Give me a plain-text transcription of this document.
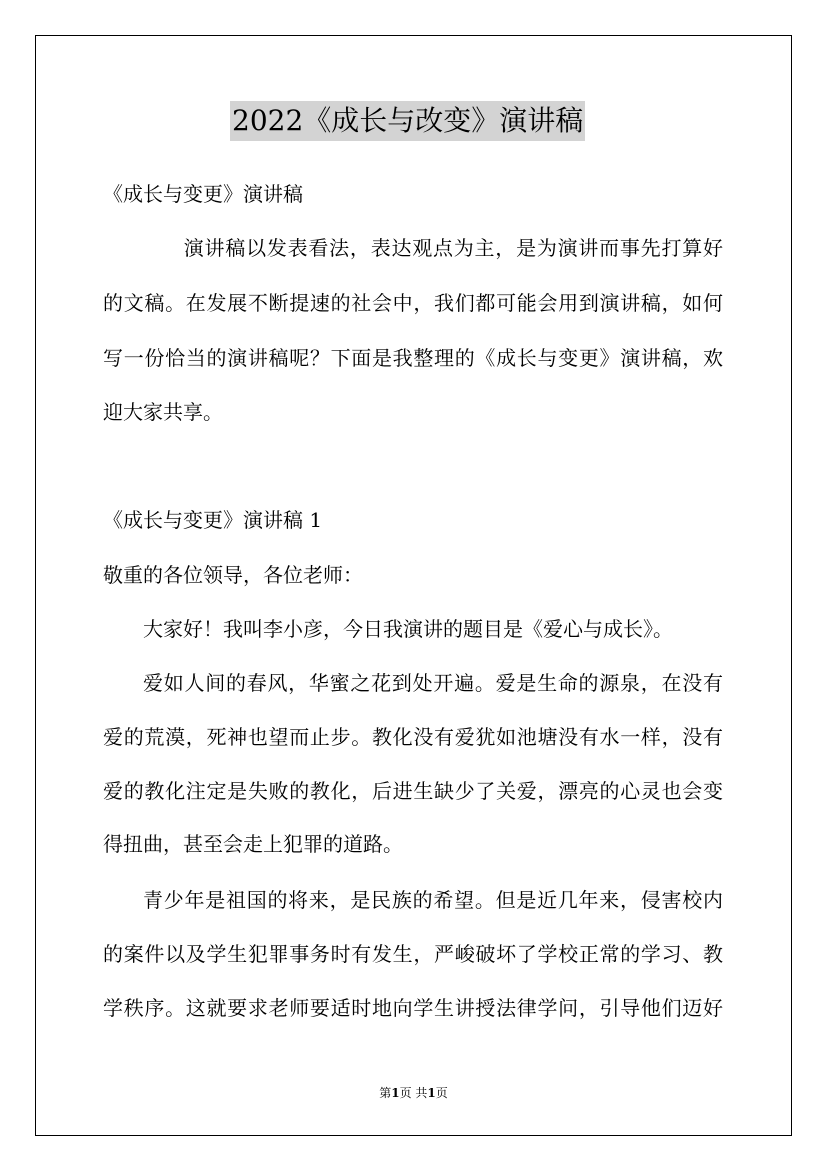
2022《成长与改变》演讲稿
《成长与变更》演讲稿
演讲稿以发表看法，表达观点为主，是为演讲而事先打算好
的文稿。在发展不断提速的社会中，我们都可能会用到演讲稿，如何
写一份恰当的演讲稿呢？下面是我整理的《成长与变更》演讲稿，欢
迎大家共享。
《成长与变更》演讲稿 1
敬重的各位领导，各位老师：
大家好！我叫李小彦，今日我演讲的题目是《爱心与成长》。
爱如人间的春风，华蜜之花到处开遍。爱是生命的源泉，在没有
爱的荒漠，死神也望而止步。教化没有爱犹如池塘没有水一样，没有
爱的教化注定是失败的教化，后进生缺少了关爱，漂亮的心灵也会变
得扭曲，甚至会走上犯罪的道路。
青少年是祖国的将来，是民族的希望。但是近几年来，侵害校内
的案件以及学生犯罪事务时有发生，严峻破坏了学校正常的学习、教
学秩序。这就要求老师要适时地向学生讲授法律学问，引导他们迈好
第1页 共1页
